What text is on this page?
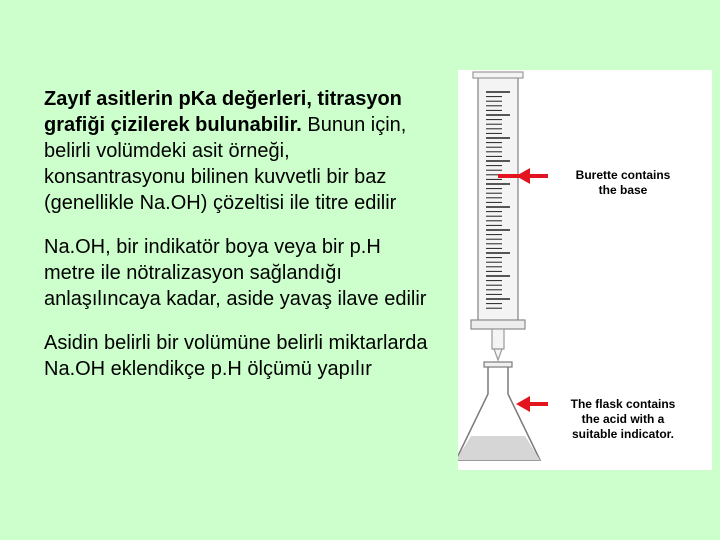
Zayıf asitlerin pKa değerleri, titrasyon grafiği çizilerek bulunabilir. Bunun için, belirli volümdeki asit örneği, konsantrasyonu bilinen kuvvetli bir baz (genellikle Na.OH) çözeltisi ile titre edilir

Na.OH, bir indikatör boya veya bir p.H metre ile nötralizasyon sağlandığı anlaşılıncaya kadar, aside yavaş ilave edilir

Asidin belirli bir volümüne belirli miktarlarda Na.OH eklendikçe p.H ölçümü yapılır

Burette contains
the base
The flask contains
the acid with a
suitable indicator.
